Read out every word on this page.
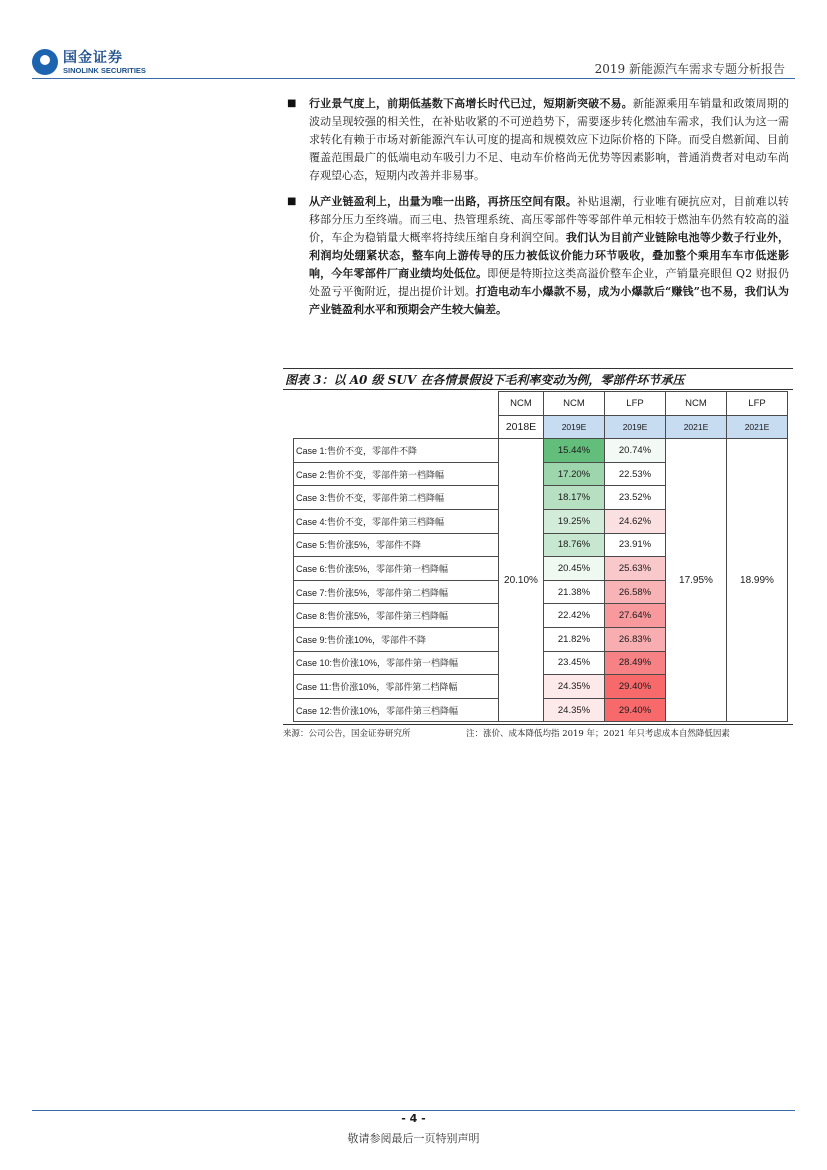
国金证券
SINOLINK SECURITIES	2019 新能源汽车需求专题分析报告
■ 行业景气度上，前期低基数下高增长时代已过，短期新突破不易。新能源乘用车销量和政策周期的波动呈现较强的相关性，在补贴收紧的不可逆趋势下，需要逐步转化燃油车需求，我们认为这一需求转化有赖于市场对新能源汽车认可度的提高和规模效应下边际价格的下降。而受自燃新闻、目前覆盖范围最广的低端电动车吸引力不足、电动车价格尚无优势等因素影响，普通消费者对电动车尚存观望心态，短期内改善并非易事。
■ 从产业链盈利上，出量为唯一出路，再挤压空间有限。补贴退潮，行业唯有硬抗应对，目前难以转移部分压力至终端。而三电、热管理系统、高压零部件等零部件单元相较于燃油车仍然有较高的溢价，车企为稳销量大概率将持续压缩自身利润空间。我们认为目前产业链除电池等少数子行业外，利润均处绷紧状态，整车向上游传导的压力被低议价能力环节吸收，叠加整个乘用车车市低迷影响，今年零部件厂商业绩均处低位。即便是特斯拉这类高溢价整车企业，产销量亮眼但 Q2 财报仍处盈亏平衡附近，提出提价计划。打造电动车小爆款不易，成为小爆款后“赚钱”也不易，我们认为产业链盈利水平和预期会产生较大偏差。
图表 3：以 A0 级 SUV 在各情景假设下毛利率变动为例，零部件环节承压
	NCM	NCM	LFP	NCM	LFP
	2018E	2019E	2019E	2021E	2021E
Case 1:售价不变，零部件不降	20.10%	15.44%	20.74%	17.95%	18.99%
Case 2:售价不变，零部件第一档降幅		17.20%	22.53%		
Case 3:售价不变，零部件第二档降幅		18.17%	23.52%		
Case 4:售价不变，零部件第三档降幅		19.25%	24.62%		
Case 5:售价涨5%，零部件不降		18.76%	23.91%		
Case 6:售价涨5%，零部件第一档降幅		20.45%	25.63%		
Case 7:售价涨5%，零部件第二档降幅		21.38%	26.58%		
Case 8:售价涨5%，零部件第三档降幅		22.42%	27.64%		
Case 9:售价涨10%，零部件不降		21.82%	26.83%		
Case 10:售价涨10%，零部件第一档降幅		23.45%	28.49%		
Case 11:售价涨10%，零部件第二档降幅		24.35%	29.40%		
Case 12:售价涨10%，零部件第三档降幅		24.35%	29.40%		
来源：公司公告，国金证券研究所	注：涨价、成本降低均指 2019 年；2021 年只考虑成本自然降低因素
- 4 -
敬请参阅最后一页特别声明
